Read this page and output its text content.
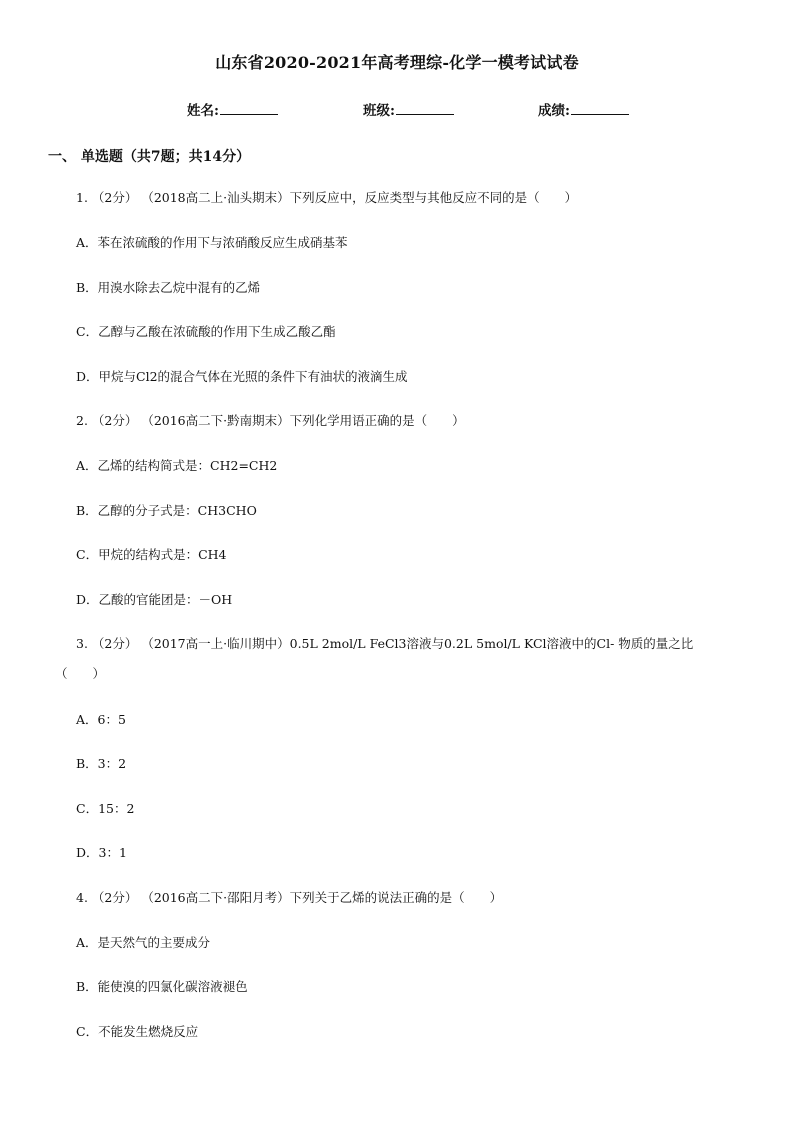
山东省2020-2021年高考理综-化学一模考试试卷
姓名:	班级:	成绩:
一、 单选题（共7题；共14分）
1. （2分） （2018高二上·汕头期末）下列反应中，反应类型与其他反应不同的是（　　）
A．苯在浓硫酸的作用下与浓硝酸反应生成硝基苯
B．用溴水除去乙烷中混有的乙烯
C．乙醇与乙酸在浓硫酸的作用下生成乙酸乙酯
D．甲烷与Cl2的混合气体在光照的条件下有油状的液滴生成
2. （2分） （2016高二下·黔南期末）下列化学用语正确的是（　　）
A．乙烯的结构简式是：CH2=CH2
B．乙醇的分子式是：CH3CHO
C．甲烷的结构式是：CH4
D．乙酸的官能团是：－OH
3. （2分） （2017高一上·临川期中）0.5L 2mol/L FeCl3溶液与0.2L 5mol/L KCl溶液中的Cl- 物质的量之比
（　　）
A．6：5
B．3：2
C．15：2
D．3：1
4. （2分） （2016高二下·邵阳月考）下列关于乙烯的说法正确的是（　　）
A．是天然气的主要成分
B．能使溴的四氯化碳溶液褪色
C．不能发生燃烧反应
